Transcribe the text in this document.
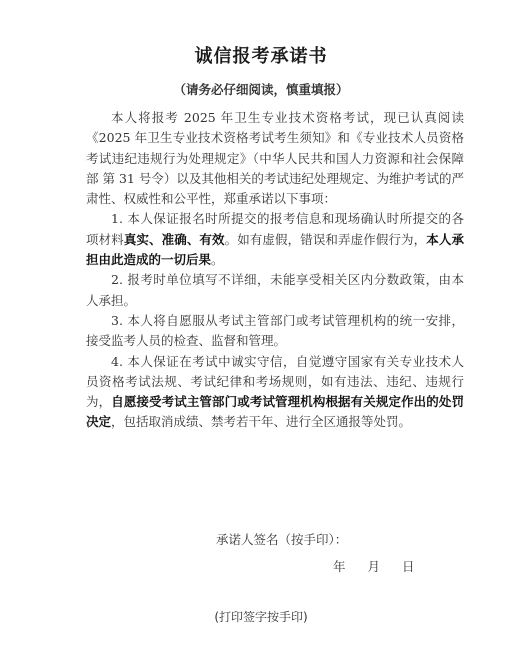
诚信报考承诺书
（请务必仔细阅读，慎重填报）

本人将报考 2025 年卫生专业技术资格考试，现已认真阅读《2025 年卫生专业技术资格考试考生须知》和《专业技术人员资格考试违纪违规行为处理规定》（中华人民共和国人力资源和社会保障部 第 31 号令）以及其他相关的考试违纪处理规定、为维护考试的严肃性、权威性和公平性，郑重承诺以下事项：

1. 本人保证报名时所提交的报考信息和现场确认时所提交的各项材料真实、准确、有效。如有虚假，错误和弄虚作假行为，本人承担由此造成的一切后果。

2. 报考时单位填写不详细，未能享受相关区内分数政策，由本人承担。

3. 本人将自愿服从考试主管部门或考试管理机构的统一安排，接受监考人员的检查、监督和管理。

4. 本人保证在考试中诚实守信，自觉遵守国家有关专业技术人员资格考试法规、考试纪律和考场规则，如有违法、违纪、违规行为，自愿接受考试主管部门或考试管理机构根据有关规定作出的处罚决定，包括取消成绩、禁考若干年、进行全区通报等处罚。

承诺人签名（按手印）：
年 月 日
(打印签字按手印)
